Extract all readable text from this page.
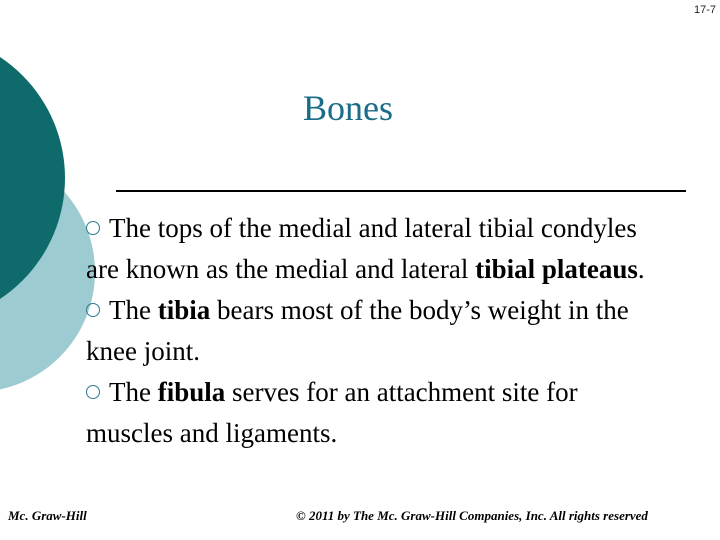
17-7
Bones
The tops of the medial and lateral tibial condyles are known as the medial and lateral tibial plateaus.
The tibia bears most of the body’s weight in the knee joint.
The fibula serves for an attachment site for muscles and ligaments.
Mc. Graw-Hill	© 2011 by The Mc. Graw-Hill Companies, Inc. All rights reserved
